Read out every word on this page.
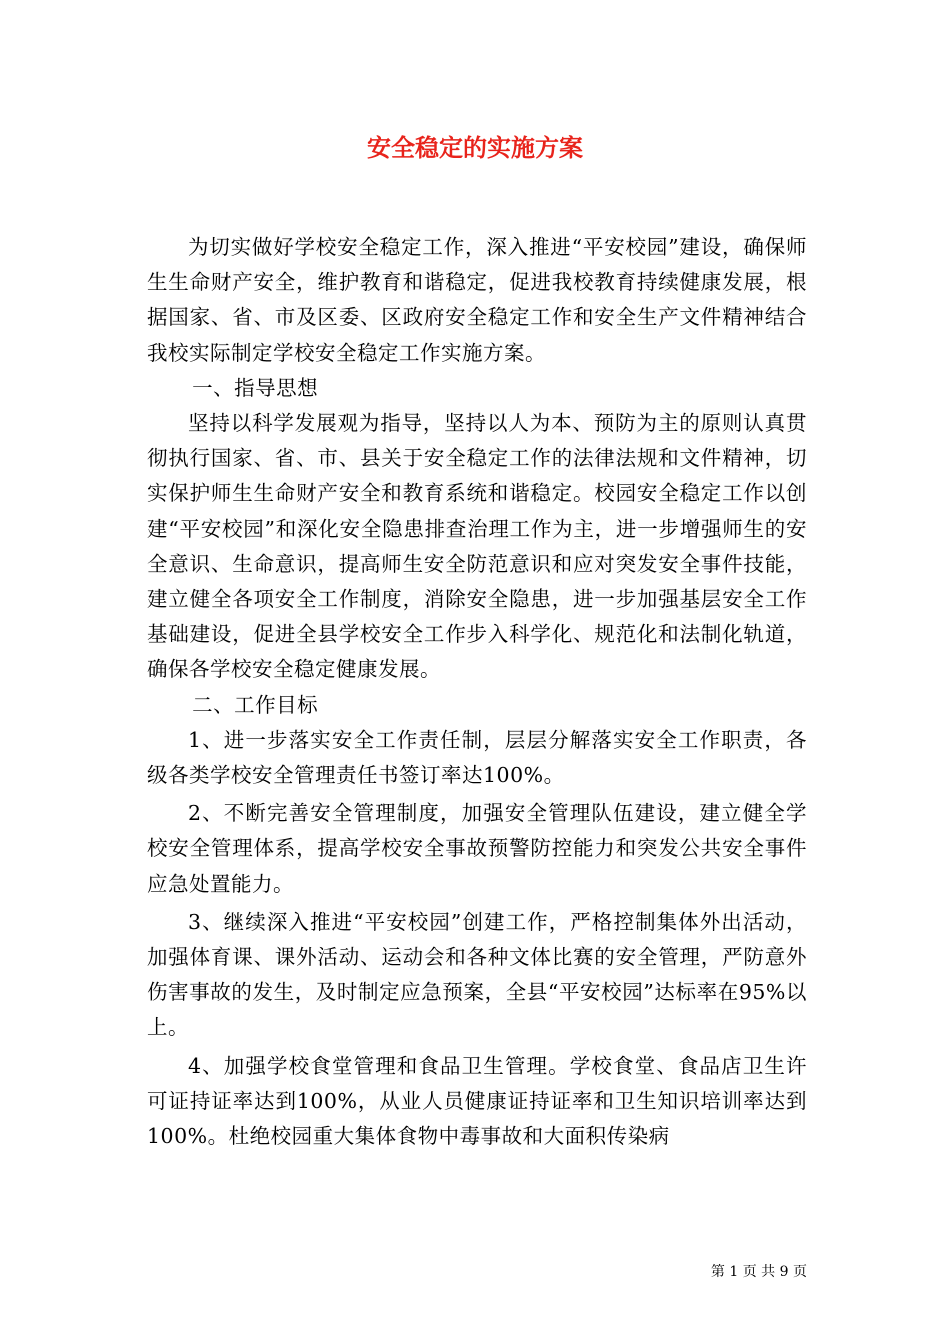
安全稳定的实施方案

为切实做好学校安全稳定工作，深入推进“平安校园”建设，确保师生生命财产安全，维护教育和谐稳定，促进我校教育持续健康发展，根据国家、省、市及区委、区政府安全稳定工作和安全生产文件精神结合我校实际制定学校安全稳定工作实施方案。

一、指导思想

坚持以科学发展观为指导，坚持以人为本、预防为主的原则认真贯彻执行国家、省、市、县关于安全稳定工作的法律法规和文件精神，切实保护师生生命财产安全和教育系统和谐稳定。校园安全稳定工作以创建“平安校园”和深化安全隐患排查治理工作为主，进一步增强师生的安全意识、生命意识，提高师生安全防范意识和应对突发安全事件技能，建立健全各项安全工作制度，消除安全隐患，进一步加强基层安全工作基础建设，促进全县学校安全工作步入科学化、规范化和法制化轨道，确保各学校安全稳定健康发展。

二、工作目标

1、进一步落实安全工作责任制，层层分解落实安全工作职责，各级各类学校安全管理责任书签订率达100%。

2、不断完善安全管理制度，加强安全管理队伍建设，建立健全学校安全管理体系，提高学校安全事故预警防控能力和突发公共安全事件应急处置能力。

3、继续深入推进“平安校园”创建工作，严格控制集体外出活动，加强体育课、课外活动、运动会和各种文体比赛的安全管理，严防意外伤害事故的发生，及时制定应急预案，全县“平安校园”达标率在95%以上。

4、加强学校食堂管理和食品卫生管理。学校食堂、食品店卫生许可证持证率达到100%，从业人员健康证持证率和卫生知识培训率达到100%。杜绝校园重大集体食物中毒事故和大面积传染病

第 1 页 共 9 页
